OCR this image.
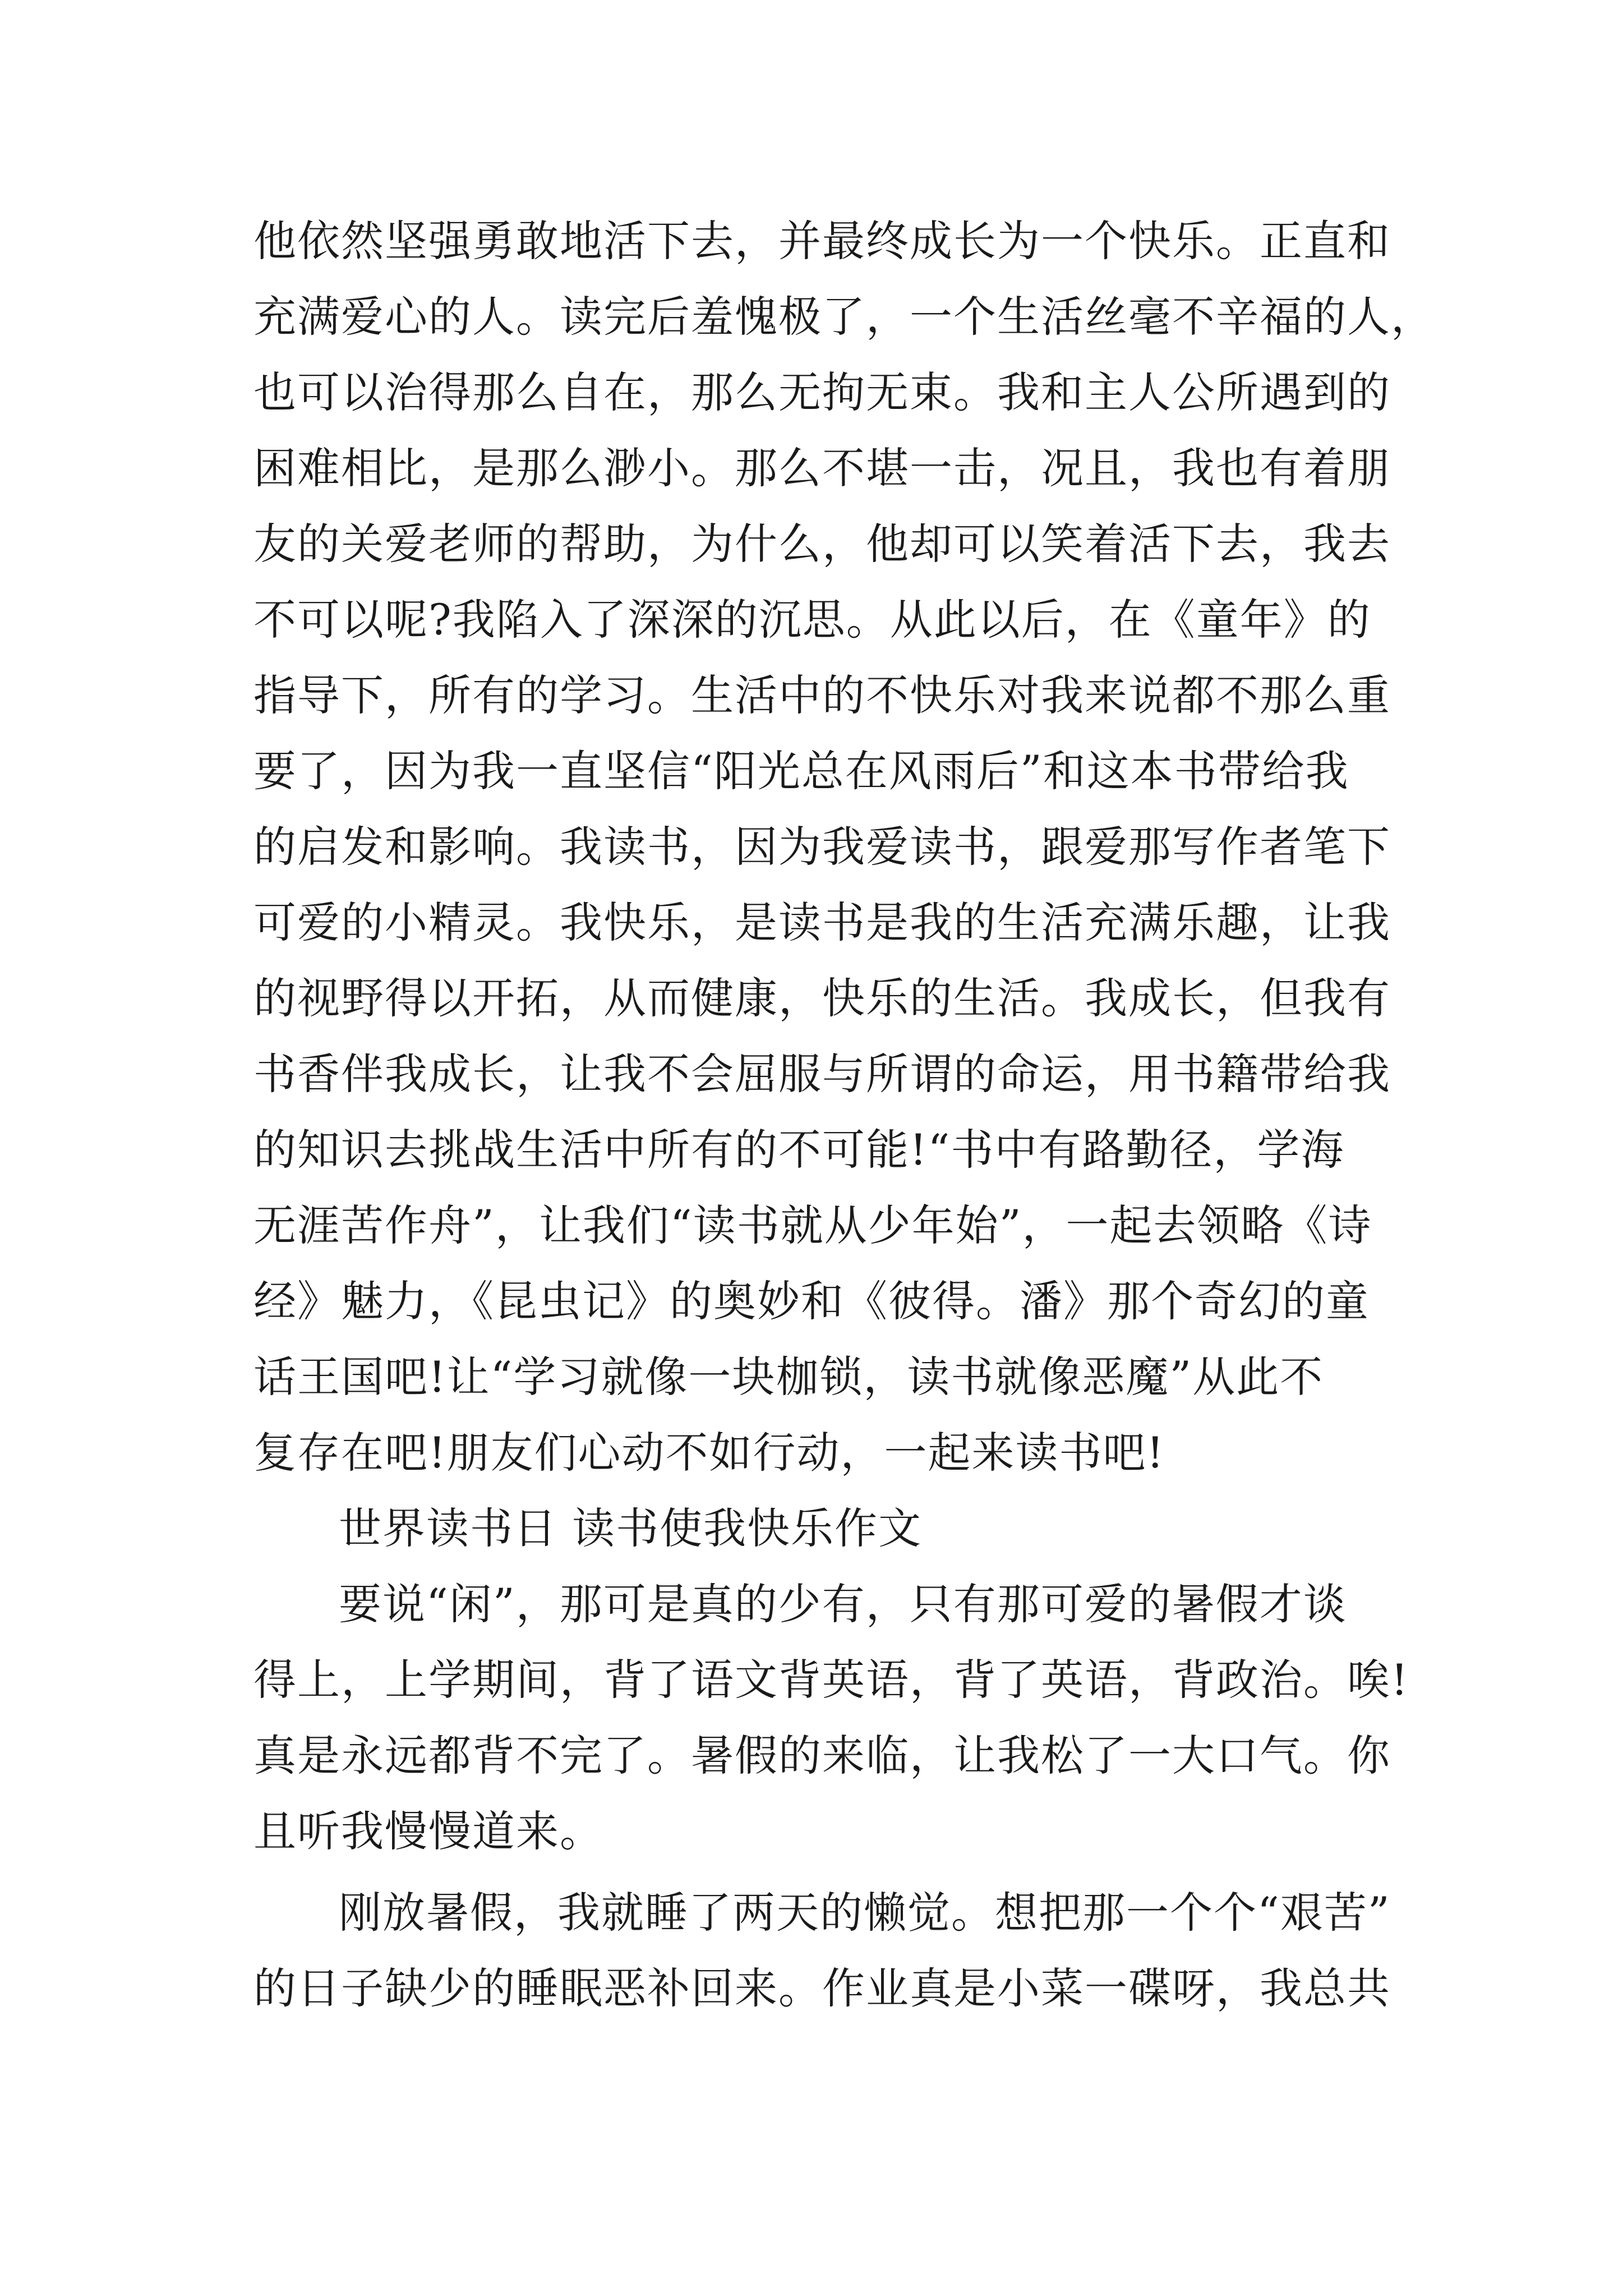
他依然坚强勇敢地活下去，并最终成长为一个快乐。正直和
充满爱心的人。读完后羞愧极了，一个生活丝毫不辛福的人，
也可以治得那么自在，那么无拘无束。我和主人公所遇到的
困难相比，是那么渺小。那么不堪一击，况且，我也有着朋
友的关爱老师的帮助，为什么，他却可以笑着活下去，我去
不可以呢?我陷入了深深的沉思。从此以后，在《童年》的
指导下，所有的学习。生活中的不快乐对我来说都不那么重
要了，因为我一直坚信“阳光总在风雨后”和这本书带给我
的启发和影响。我读书，因为我爱读书，跟爱那写作者笔下
可爱的小精灵。我快乐，是读书是我的生活充满乐趣，让我
的视野得以开拓，从而健康，快乐的生活。我成长，但我有
书香伴我成长，让我不会屈服与所谓的命运，用书籍带给我
的知识去挑战生活中所有的不可能!“书中有路勤径，学海
无涯苦作舟”，让我们“读书就从少年始”，一起去领略《诗
经》魅力，《昆虫记》的奥妙和《彼得。潘》那个奇幻的童
话王国吧!让“学习就像一块枷锁，读书就像恶魔”从此不
复存在吧!朋友们心动不如行动，一起来读书吧!
世界读书日 读书使我快乐作文
要说“闲”，那可是真的少有，只有那可爱的暑假才谈
得上，上学期间，背了语文背英语，背了英语，背政治。唉!
真是永远都背不完了。暑假的来临，让我松了一大口气。你
且听我慢慢道来。
刚放暑假，我就睡了两天的懒觉。想把那一个个“艰苦”
的日子缺少的睡眠恶补回来。作业真是小菜一碟呀，我总共
